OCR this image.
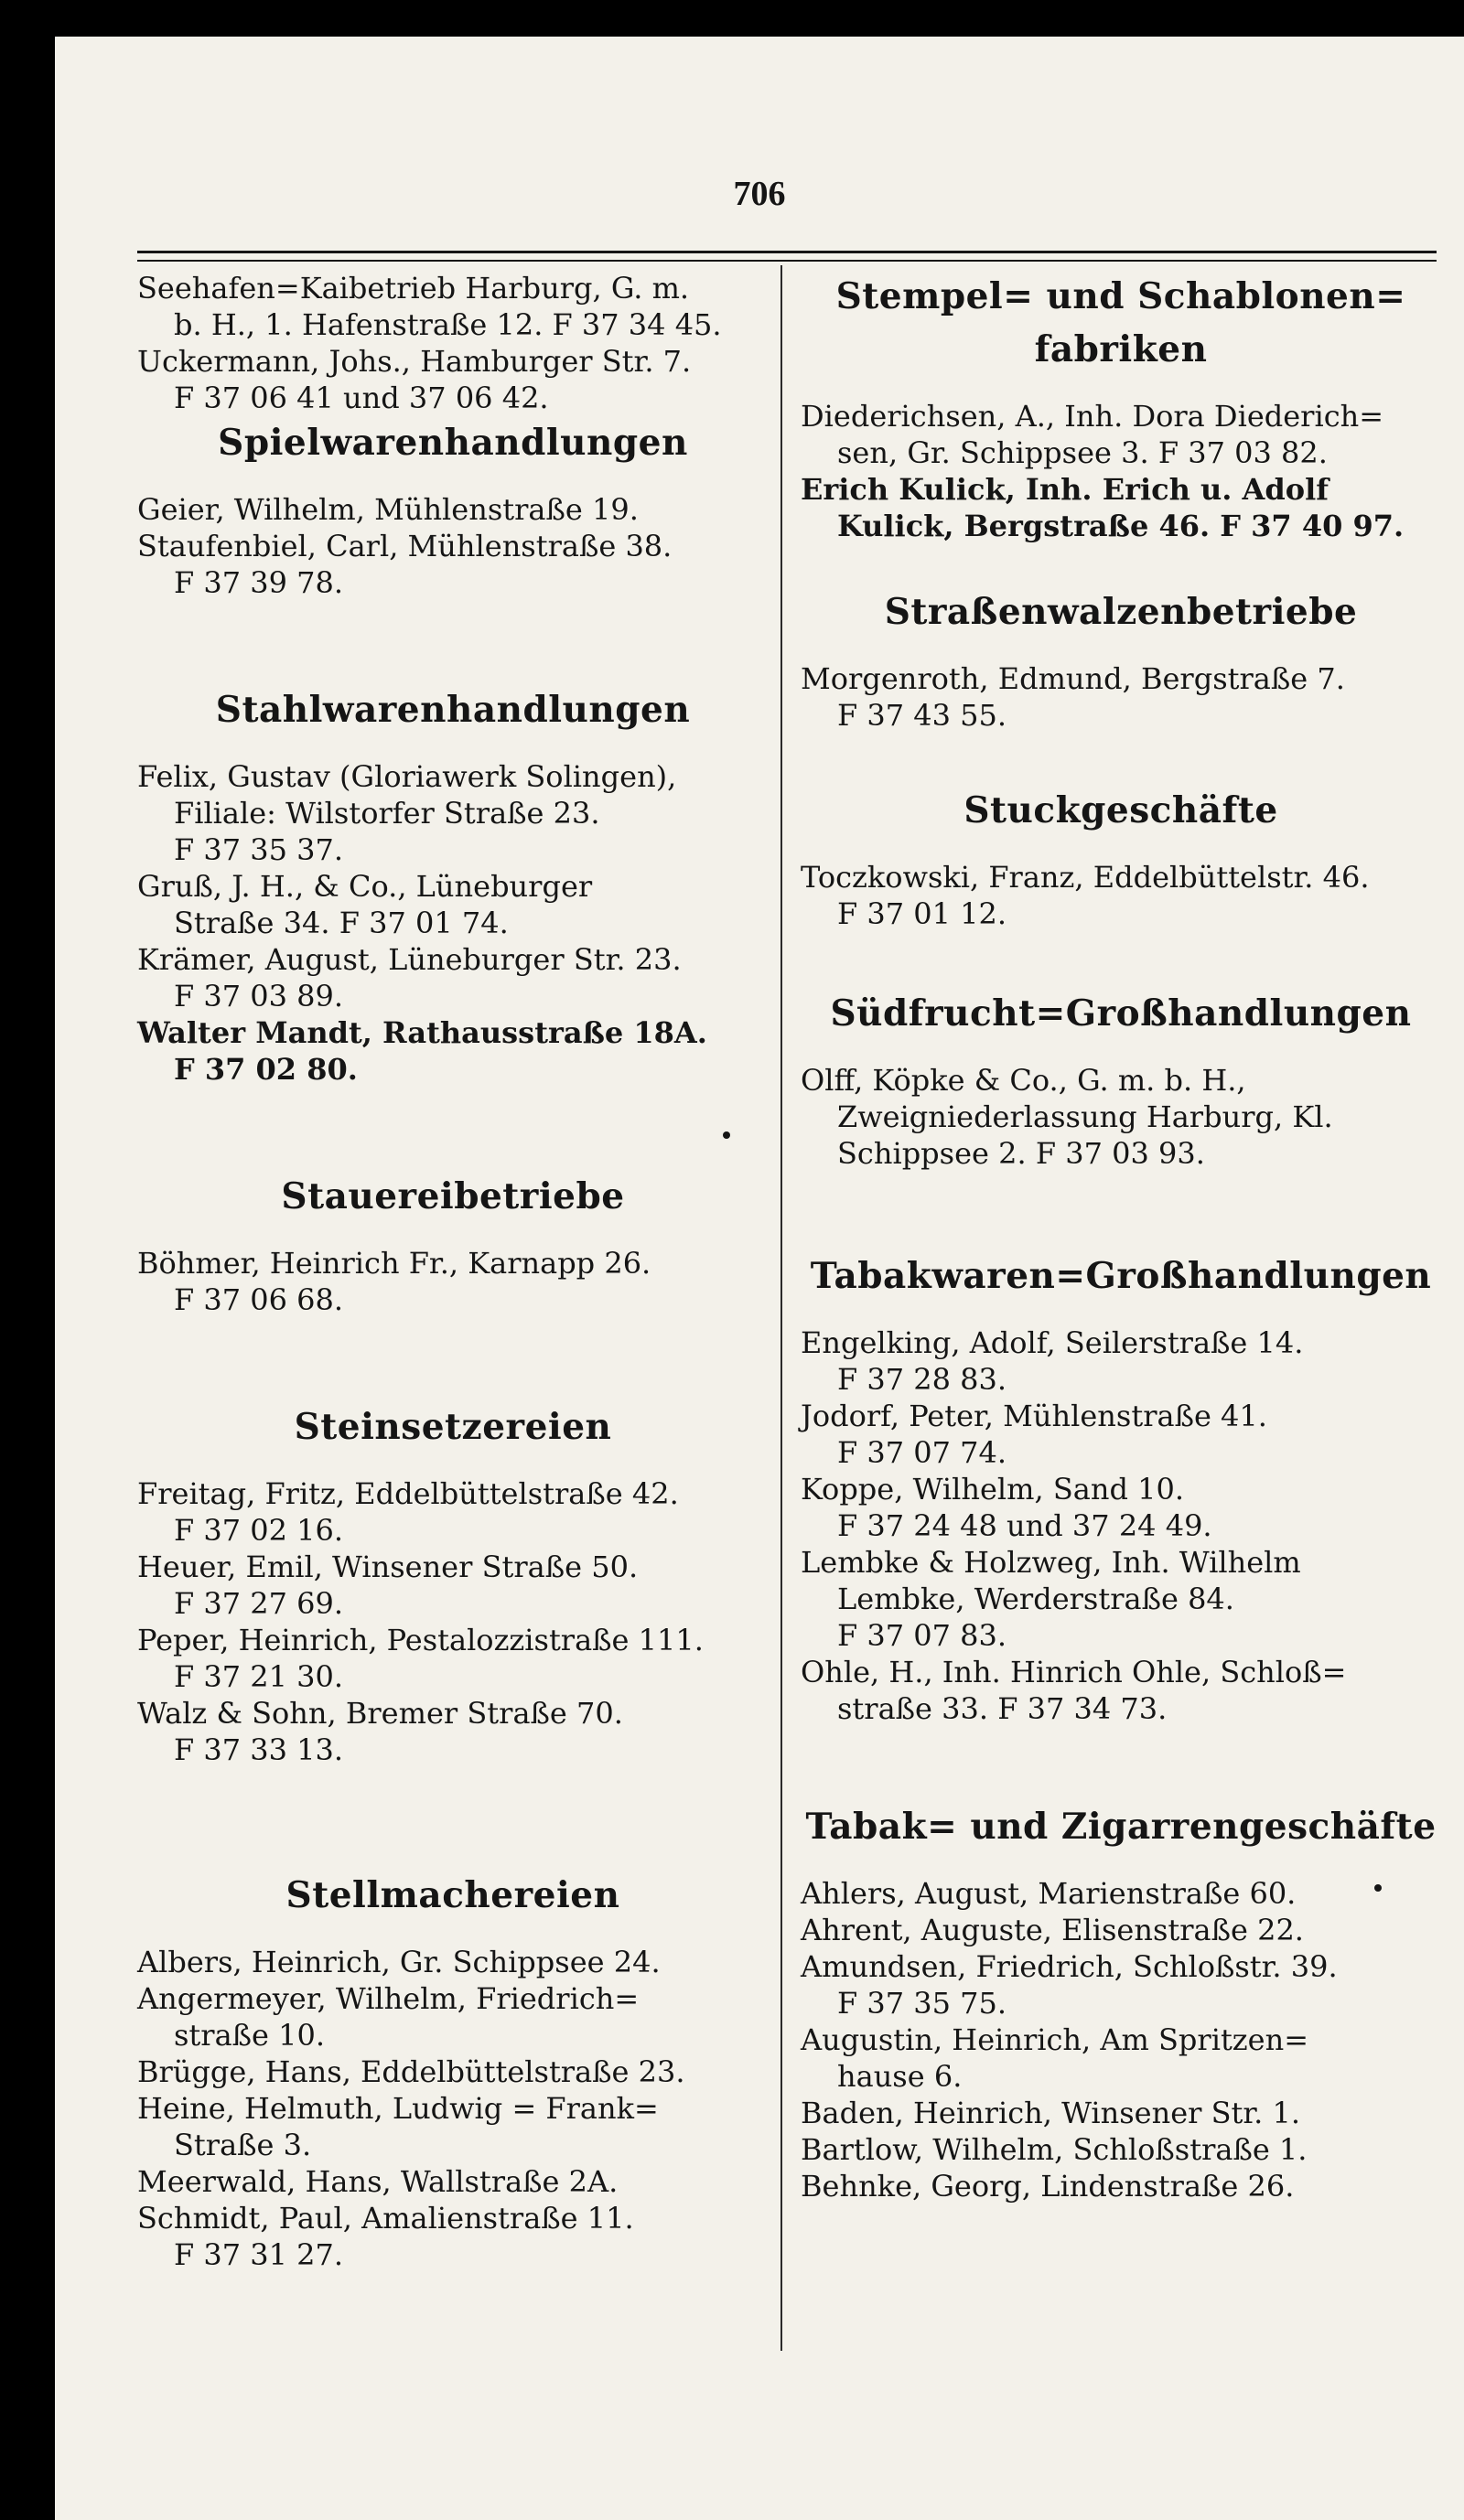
706
Seehafen=Kaibetrieb Harburg, G. m.
b. H., 1. Hafenstraße 12. F 37 34 45.
Uckermann, Johs., Hamburger Str. 7.
F 37 06 41 und 37 06 42.
Spielwarenhandlungen
Geier, Wilhelm, Mühlenstraße 19.
Staufenbiel, Carl, Mühlenstraße 38.
F 37 39 78.
Stahlwarenhandlungen
Felix, Gustav (Gloriawerk Solingen),
Filiale: Wilstorfer Straße 23.
F 37 35 37.
Gruß, J. H., & Co., Lüneburger
Straße 34. F 37 01 74.
Krämer, August, Lüneburger Str. 23.
F 37 03 89.
Walter Mandt, Rathausstraße 18A.
F 37 02 80.
Stauereibetriebe
Böhmer, Heinrich Fr., Karnapp 26.
F 37 06 68.
Steinsetzereien
Freitag, Fritz, Eddelbüttelstraße 42.
F 37 02 16.
Heuer, Emil, Winsener Straße 50.
F 37 27 69.
Peper, Heinrich, Pestalozzistraße 111.
F 37 21 30.
Walz & Sohn, Bremer Straße 70.
F 37 33 13.
Stellmachereien
Albers, Heinrich, Gr. Schippsee 24.
Angermeyer, Wilhelm, Friedrich=
straße 10.
Brügge, Hans, Eddelbüttelstraße 23.
Heine, Helmuth, Ludwig = Frank=
Straße 3.
Meerwald, Hans, Wallstraße 2A.
Schmidt, Paul, Amalienstraße 11.
F 37 31 27.
Stempel= und Schablonen=
fabriken
Diederichsen, A., Inh. Dora Diederich=
sen, Gr. Schippsee 3. F 37 03 82.
Erich Kulick, Inh. Erich u. Adolf
Kulick, Bergstraße 46. F 37 40 97.
Straßenwalzenbetriebe
Morgenroth, Edmund, Bergstraße 7.
F 37 43 55.
Stuckgeschäfte
Toczkowski, Franz, Eddelbüttelstr. 46.
F 37 01 12.
Südfrucht=Großhandlungen
Olff, Köpke & Co., G. m. b. H.,
Zweigniederlassung Harburg, Kl.
Schippsee 2. F 37 03 93.
Tabakwaren=Großhandlungen
Engelking, Adolf, Seilerstraße 14.
F 37 28 83.
Jodorf, Peter, Mühlenstraße 41.
F 37 07 74.
Koppe, Wilhelm, Sand 10.
F 37 24 48 und 37 24 49.
Lembke & Holzweg, Inh. Wilhelm
Lembke, Werderstraße 84.
F 37 07 83.
Ohle, H., Inh. Hinrich Ohle, Schloß=
straße 33. F 37 34 73.
Tabak= und Zigarrengeschäfte
Ahlers, August, Marienstraße 60.
Ahrent, Auguste, Elisenstraße 22.
Amundsen, Friedrich, Schloßstr. 39.
F 37 35 75.
Augustin, Heinrich, Am Spritzen=
hause 6.
Baden, Heinrich, Winsener Str. 1.
Bartlow, Wilhelm, Schloßstraße 1.
Behnke, Georg, Lindenstraße 26.
